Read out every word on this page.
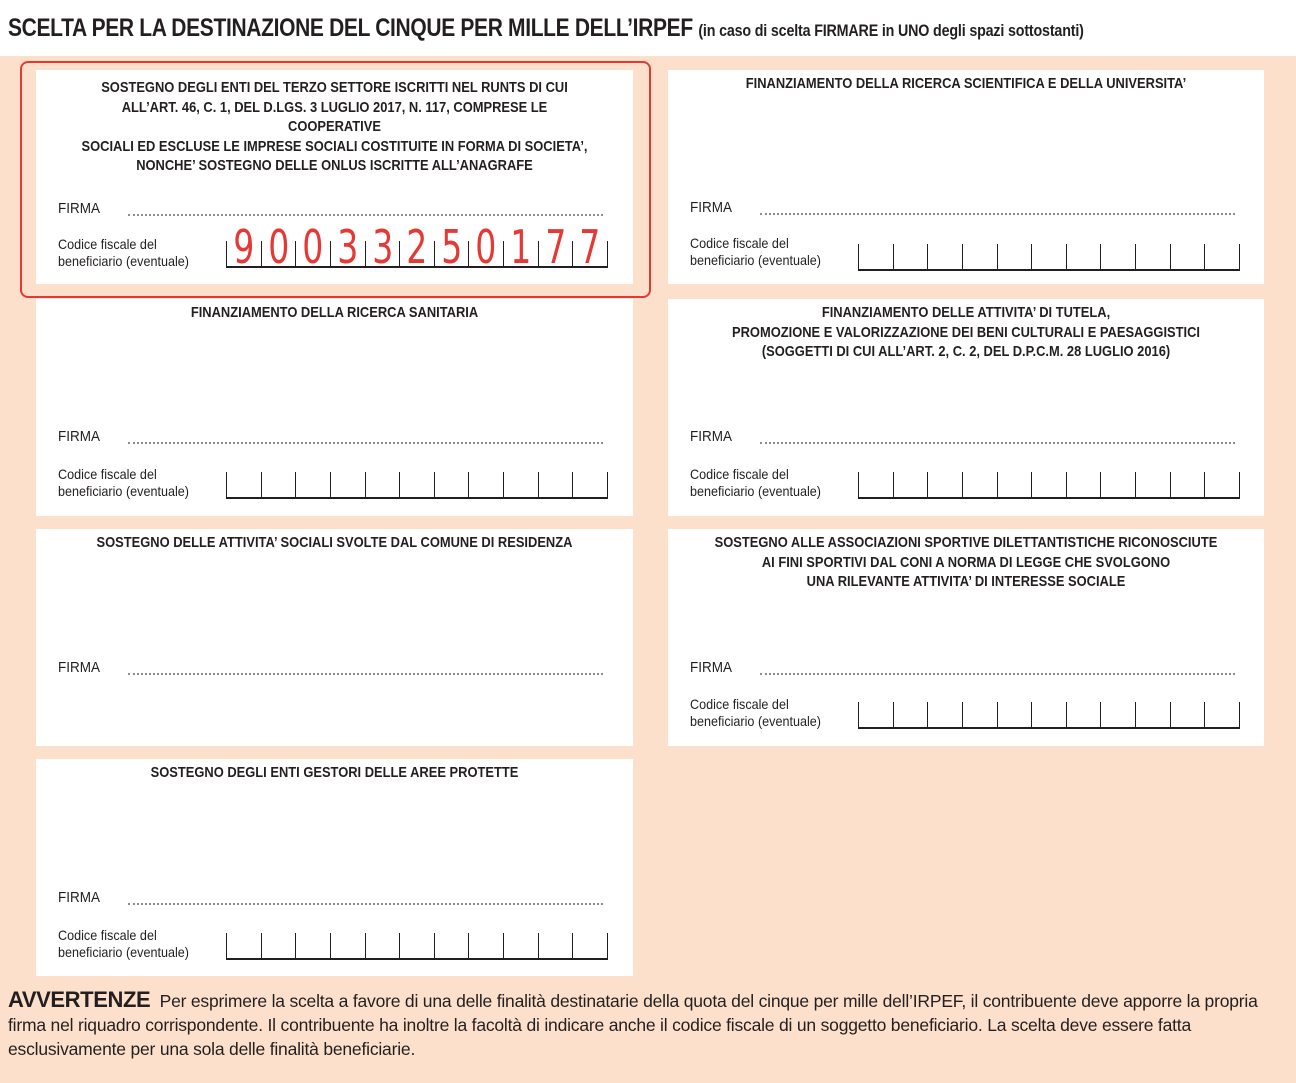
SCELTA PER LA DESTINAZIONE DEL CINQUE PER MILLE DELL’IRPEF (in caso di scelta FIRMARE in UNO degli spazi sottostanti)
SOSTEGNO DEGLI ENTI DEL TERZO SETTORE ISCRITTI NEL RUNTS DI CUI
ALL’ART. 46, C. 1, DEL D.LGS. 3 LUGLIO 2017, N. 117, COMPRESE LE COOPERATIVE
SOCIALI ED ESCLUSE LE IMPRESE SOCIALI COSTITUITE IN FORMA DI SOCIETA’,
NONCHE’ SOSTEGNO DELLE ONLUS ISCRITTE ALL’ANAGRAFE
FIRMA
Codice fiscale del
beneficiario (eventuale) 9 0 0 3 3 2 5 0 1 7 7
FINANZIAMENTO DELLA RICERCA SCIENTIFICA E DELLA UNIVERSITA’
FIRMA
Codice fiscale del
beneficiario (eventuale)
FINANZIAMENTO DELLA RICERCA SANITARIA
FIRMA
Codice fiscale del
beneficiario (eventuale)
FINANZIAMENTO DELLE ATTIVITA’ DI TUTELA,
PROMOZIONE E VALORIZZAZIONE DEI BENI CULTURALI E PAESAGGISTICI
(SOGGETTI DI CUI ALL’ART. 2, C. 2, DEL D.P.C.M. 28 LUGLIO 2016)
FIRMA
Codice fiscale del
beneficiario (eventuale)
SOSTEGNO DELLE ATTIVITA’ SOCIALI SVOLTE DAL COMUNE DI RESIDENZA
FIRMA
SOSTEGNO ALLE ASSOCIAZIONI SPORTIVE DILETTANTISTICHE RICONOSCIUTE
AI FINI SPORTIVI DAL CONI A NORMA DI LEGGE CHE SVOLGONO
UNA RILEVANTE ATTIVITA’ DI INTERESSE SOCIALE
FIRMA
Codice fiscale del
beneficiario (eventuale)
SOSTEGNO DEGLI ENTI GESTORI DELLE AREE PROTETTE
FIRMA
Codice fiscale del
beneficiario (eventuale)
AVVERTENZE Per esprimere la scelta a favore di una delle finalità destinatarie della quota del cinque per mille dell’IRPEF, il contribuente deve apporre la propria firma nel riquadro corrispondente. Il contribuente ha inoltre la facoltà di indicare anche il codice fiscale di un soggetto beneficiario. La scelta deve essere fatta esclusivamente per una sola delle finalità beneficiarie.
